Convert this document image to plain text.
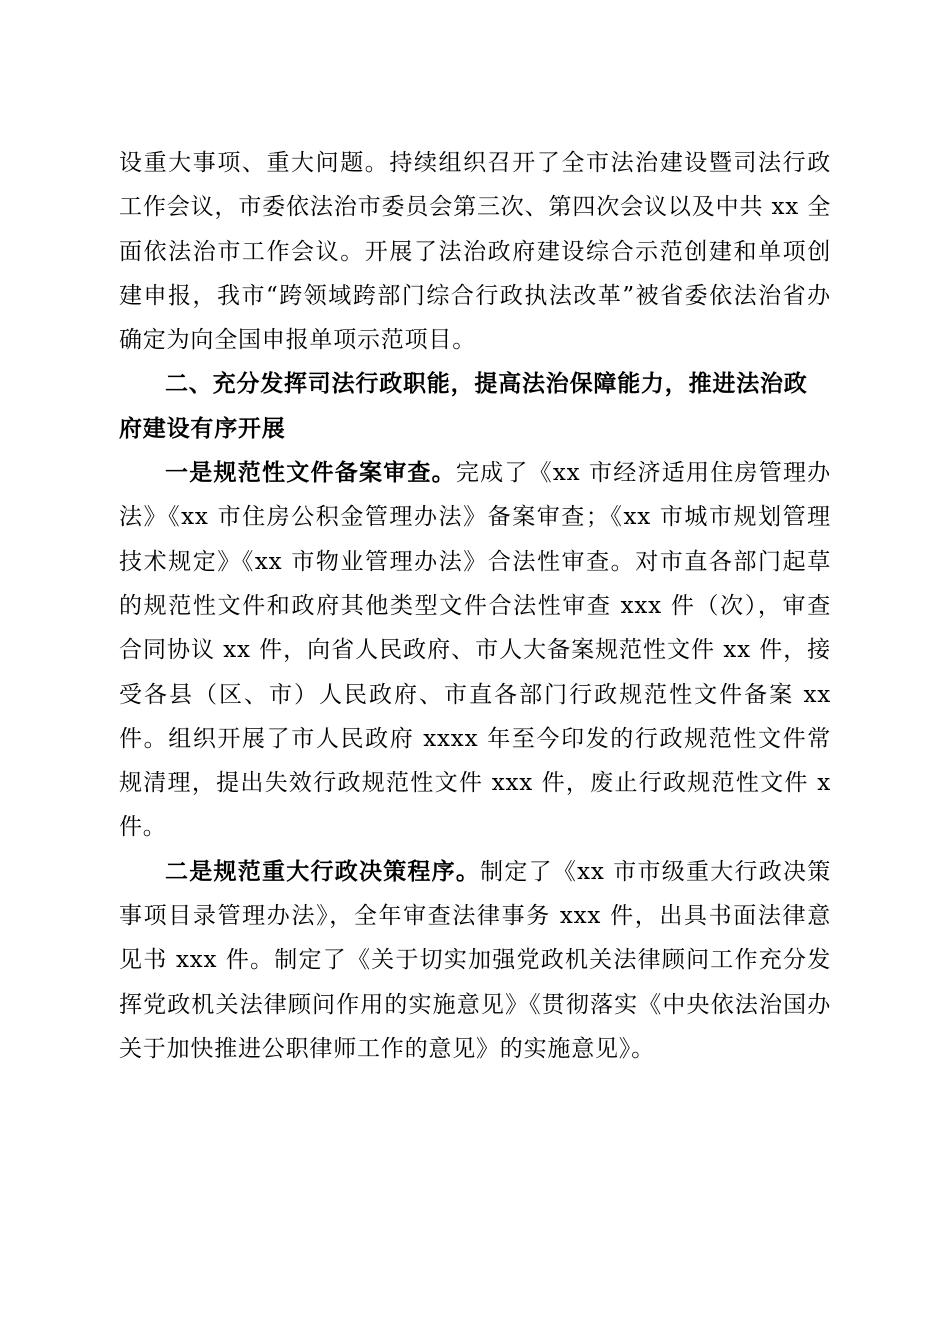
设重大事项、重大问题。持续组织召开了全市法治建设暨司法行政工作会议，市委依法治市委员会第三次、第四次会议以及中共 xx 全面依法治市工作会议。开展了法治政府建设综合示范创建和单项创建申报，我市“跨领域跨部门综合行政执法改革”被省委依法治省办确定为向全国申报单项示范项目。

二、充分发挥司法行政职能，提高法治保障能力，推进法治政府建设有序开展

一是规范性文件备案审查。完成了《xx 市经济适用住房管理办法》《xx 市住房公积金管理办法》备案审查；《xx 市城市规划管理技术规定》《xx 市物业管理办法》合法性审查。对市直各部门起草的规范性文件和政府其他类型文件合法性审查 xxx 件（次），审查合同协议 xx 件，向省人民政府、市人大备案规范性文件 xx 件，接受各县（区、市）人民政府、市直各部门行政规范性文件备案 xx 件。组织开展了市人民政府 xxxx 年至今印发的行政规范性文件常规清理，提出失效行政规范性文件 xxx 件，废止行政规范性文件 x 件。

二是规范重大行政决策程序。制定了《xx 市市级重大行政决策事项目录管理办法》，全年审查法律事务 xxx 件，出具书面法律意见书 xxx 件。制定了《关于切实加强党政机关法律顾问工作充分发挥党政机关法律顾问作用的实施意见》《贯彻落实《中央依法治国办关于加快推进公职律师工作的意见》的实施意见》。
